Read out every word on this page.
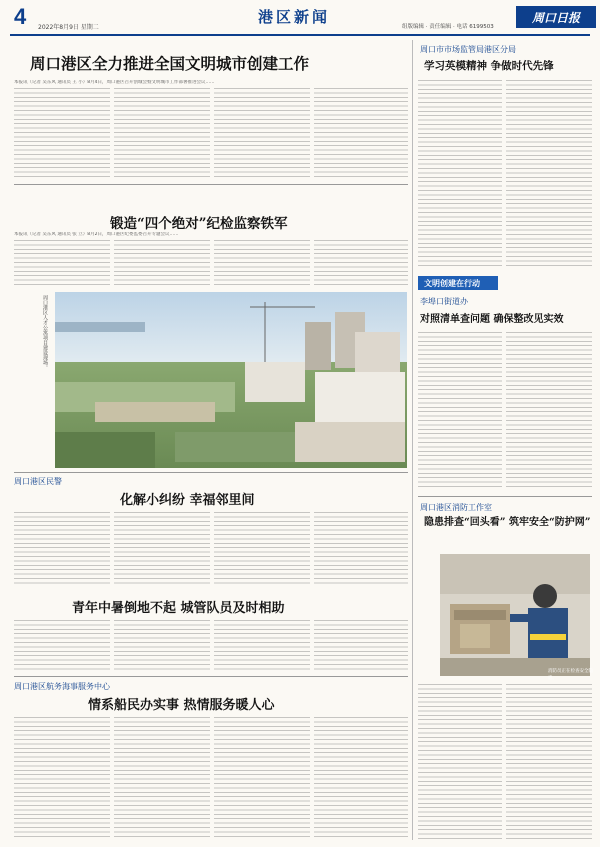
4 2022年8月9日 星期二
港区新闻
组版编辑 · 责任编辑 · 电话 6199503
周口日报
周口港区全力推进全国文明城市创建工作
本报讯（记者 吴东风 通讯员 王 小）8月4日，周口港区召开创城会暨文明城市工作部署推进会议……
锻造“四个绝对”纪检监察铁军
本报讯（记者 吴东风 通讯员 张 立）8月2日，周口港区纪委监委召开专题会议……
周口港区人才公寓项目建设现场。
周口港区民警
化解小纠纷 幸福邻里间
青年中暑倒地不起 城管队员及时相助
周口港区航务海事服务中心
情系船民办实事 热情服务暖人心
周口市市场监管局港区分局
学习英模精神 争做时代先锋
文明创建在行动
李埠口街道办
对照清单查问题 确保整改见实效
周口港区消防工作室
隐患排查“回头看” 筑牢安全“防护网”
消防员正在检查安全隐患。
